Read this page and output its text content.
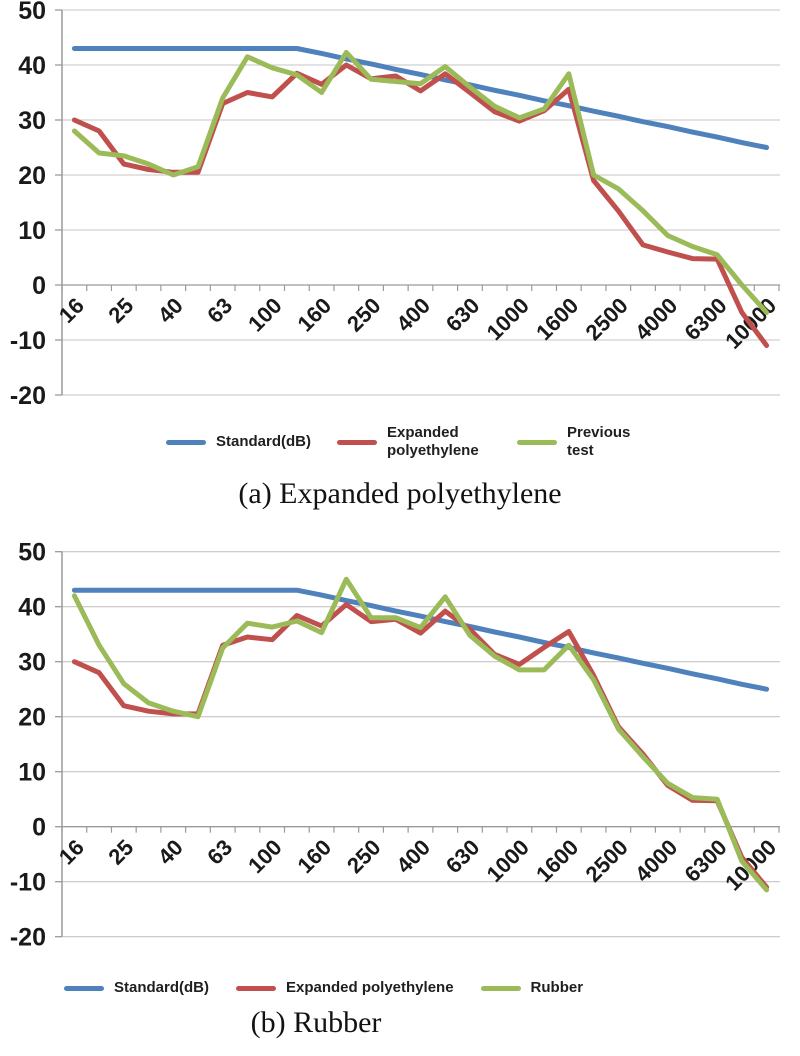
50
40
30
20
10
0
-10
-20
16 25 40 63 100 160 250 400 630
1000
1600
2500
4000
6300
10000
Standard(dB)
Expanded polyethylene
Previous test
(a) Expanded polyethylene
50
40
30
20
10
0
-10
-20
16 25 40 63 100 160 250 400 630
1000
1600
2500
4000
6300
10000
Standard(dB)	Expanded polyethylene	Rubber
(b) Rubber
